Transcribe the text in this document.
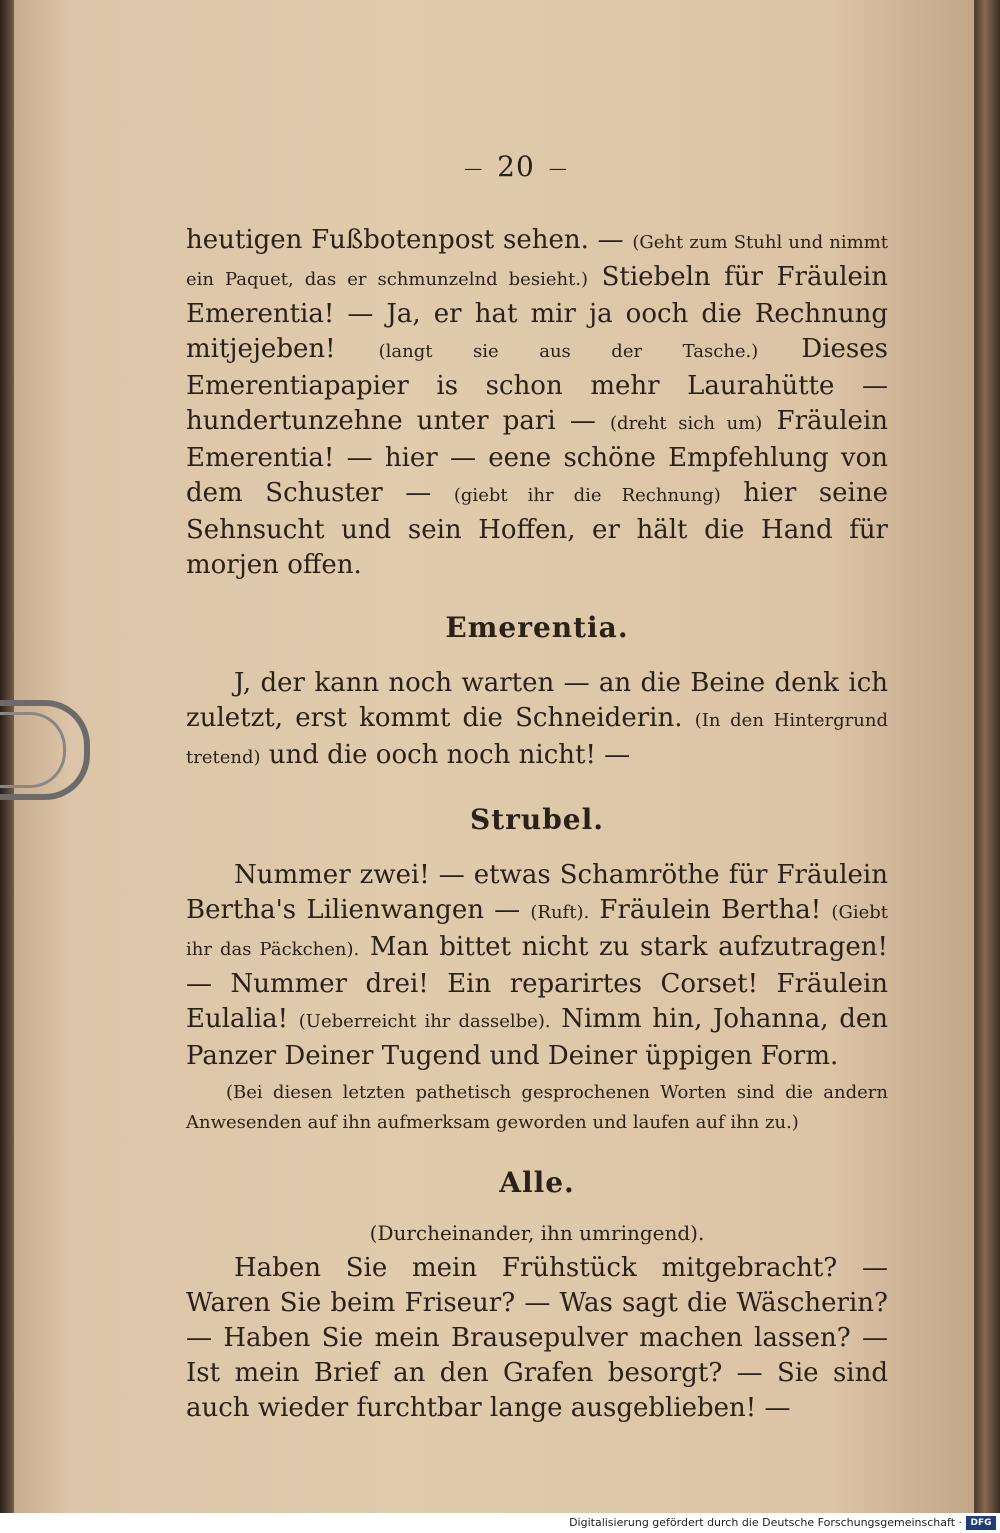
— 20 —

heutigen Fußbotenpost sehen. — (Geht zum Stuhl und nimmt ein Paquet, das er schmunzelnd besieht.) Stiebeln für Fräulein Emerentia! — Ja, er hat mir ja ooch die Rechnung mitjejeben! (langt sie aus der Tasche.) Dieses Emerentiapapier is schon mehr Laurahütte — hundertunzehne unter pari — (dreht sich um) Fräulein Emerentia! — hier — eene schöne Empfehlung von dem Schuster — (giebt ihr die Rechnung) hier seine Sehnsucht und sein Hoffen, er hält die Hand für morjen offen.

Emerentia.

J, der kann noch warten — an die Beine denk ich zuletzt, erst kommt die Schneiderin. (In den Hintergrund tretend) und die ooch noch nicht! —

Strubel.

Nummer zwei! — etwas Schamröthe für Fräulein Bertha's Lilienwangen — (Ruft). Fräulein Bertha! (Giebt ihr das Päckchen). Man bittet nicht zu stark aufzutragen! — Nummer drei! Ein reparirtes Corset! Fräulein Eulalia! (Ueberreicht ihr dasselbe). Nimm hin, Johanna, den Panzer Deiner Tugend und Deiner üppigen Form.

(Bei diesen letzten pathetisch gesprochenen Worten sind die andern Anwesenden auf ihn aufmerksam geworden und laufen auf ihn zu.)

Alle.

(Durcheinander, ihn umringend).

Haben Sie mein Frühstück mitgebracht? — Waren Sie beim Friseur? — Was sagt die Wäscherin? — Haben Sie mein Brausepulver machen lassen? — Ist mein Brief an den Grafen besorgt? — Sie sind auch wieder furchtbar lange ausgeblieben! —

Digitalisierung gefördert durch die Deutsche Forschungsgemeinschaft · DFG
